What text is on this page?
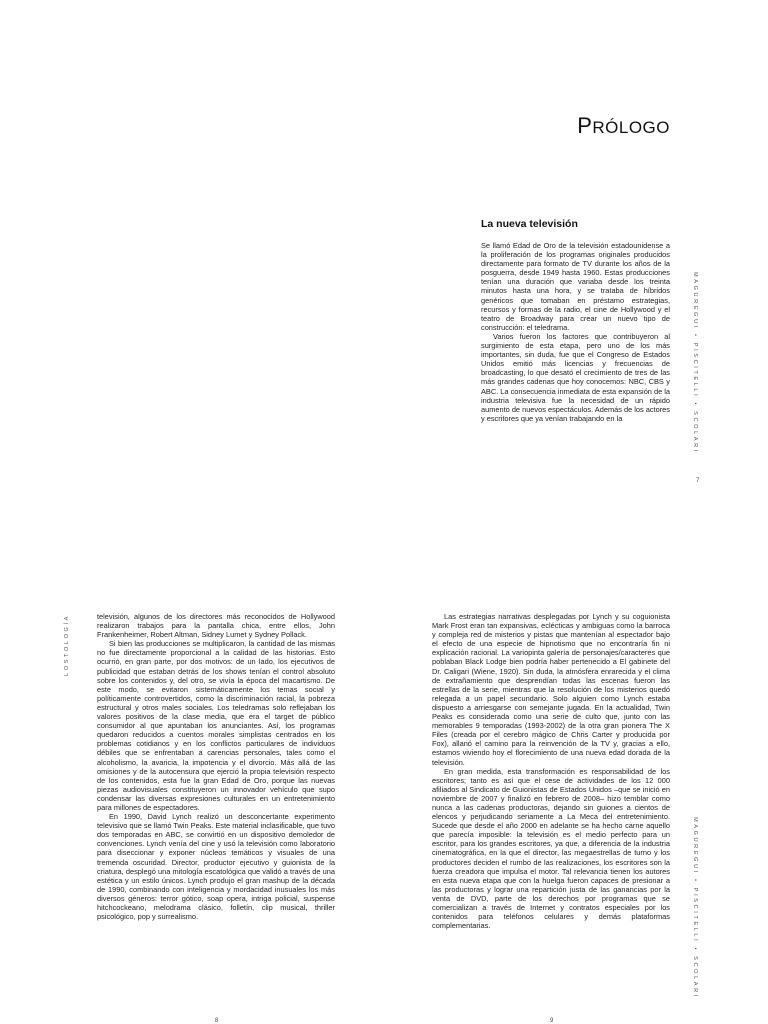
PRÓLOGO
La nueva televisión

Se llamó Edad de Oro de la televisión estadounidense a la proliferación de los programas originales producidos directamente para formato de TV durante los años de la posguerra, desde 1949 hasta 1960. Estas producciones tenían una duración que variaba desde los treinta minutos hasta una hora, y se trataba de híbridos genéricos que tomaban en préstamo estrategias, recursos y formas de la radio, el cine de Hollywood y el teatro de Broadway para crear un nuevo tipo de construcción: el teledrama.

Varios fueron los factores que contribuyeron al surgimiento de esta etapa, pero uno de los más importantes, sin duda, fue que el Congreso de Estados Unidos emitió más licencias y frecuencias de broadcasting, lo que desató el crecimiento de tres de las más grandes cadenas que hoy conocemos: NBC, CBS y ABC. La consecuencia inmediata de esta expansión de la industria televisiva fue la necesidad de un rápido aumento de nuevos espectáculos. Además de los actores y escritores que ya venían trabajando en la	MAGUREGUI • PISCITELLI • SCOLARI
7
LOSTOLOGÍA	televisión, algunos de los directores más reconocidos de Hollywood realizaron trabajos para la pantalla chica, entre ellos, John Frankenheimer, Robert Altman, Sidney Lumet y Sydney Pollack.

Si bien las producciones se multiplicaron, la cantidad de las mismas no fue directamente proporcional a la calidad de las historias. Esto ocurrió, en gran parte, por dos motivos: de un lado, los ejecutivos de publicidad que estaban detrás de los shows tenían el control absoluto sobre los contenidos y, del otro, se vivía la época del macartismo. De este modo, se evitaron sistemáticamente los temas social y políticamente controvertidos, como la discriminación racial, la pobreza estructural y otros males sociales. Los teledramas solo reflejaban los valores positivos de la clase media, que era el target de público consumidor al que apuntaban los anunciantes. Así, los programas quedaron reducidos a cuentos morales simplistas centrados en los problemas cotidianos y en los conflictos particulares de individuos débiles que se enfrentaban a carencias personales, tales como el alcoholismo, la avaricia, la impotencia y el divorcio. Más allá de las omisiones y de la autocensura que ejerció la propia televisión respecto de los contenidos, esta fue la gran Edad de Oro, porque las nuevas piezas audiovisuales constituyeron un innovador vehículo que supo condensar las diversas expresiones culturales en un entretenimiento para millones de espectadores.

En 1990, David Lynch realizó un desconcertante experimento televisivo que se llamó Twin Peaks. Este material inclasificable, que tuvo dos temporadas en ABC, se convirtió en un dispositivo demoledor de convenciones. Lynch venía del cine y usó la televisión como laboratorio para diseccionar y exponer núcleos temáticos y visuales de una tremenda oscuridad. Director, productor ejecutivo y guionista de la criatura, desplegó una mitología escatológica que validó a través de una estética y un estilo únicos. Lynch produjo el gran mashup de la década de 1990, combinando con inteligencia y mordacidad inusuales los más diversos géneros: terror gótico, soap opera, intriga policial, suspense hitchcockeano, melodrama clásico, folletín, clip musical, thriller psicológico, pop y surrealismo.

8

Las estrategias narrativas desplegadas por Lynch y su coguionista Mark Frost eran tan expansivas, eclécticas y ambiguas como la barroca y compleja red de misterios y pistas que mantenían al espectador bajo el efecto de una especie de hipnotismo que no encontraría fin ni explicación racional. La variopinta galería de personajes/caracteres que poblaban Black Lodge bien podría haber pertenecido a El gabinete del Dr. Caligari (Wiene, 1920). Sin duda, la atmósfera enrarecida y el clima de extrañamiento que desprendían todas las escenas fueron las estrellas de la serie, mientras que la resolución de los misterios quedó relegada a un papel secundario. Solo alguien como Lynch estaba dispuesto a arriesgarse con semejante jugada. En la actualidad, Twin Peaks es considerada como una serie de culto que, junto con las memorables 9 temporadas (1993-2002) de la otra gran pionera The X Files (creada por el cerebro mágico de Chris Carter y producida por Fox), allanó el camino para la reinvención de la TV y, gracias a ello, estamos viviendo hoy el florecimiento de una nueva edad dorada de la televisión.

En gran medida, esta transformación es responsabilidad de los escritores; tanto es así que el cese de actividades de los 12 000 afiliados al Sindicato de Guionistas de Estados Unidos –que se inició en noviembre de 2007 y finalizó en febrero de 2008– hizo temblar como nunca a las cadenas productoras, dejando sin guiones a cientos de elencos y perjudicando seriamente a La Meca del entretenimiento. Sucede que desde el año 2000 en adelante se ha hecho carne aquello que parecía imposible: la televisión es el medio perfecto para un escritor, para los grandes escritores, ya que, a diferencia de la industria cinematográfica, en la que el director, las megaestrellas de turno y los productores deciden el rumbo de las realizaciones, los escritores son la fuerza creadora que impulsa el motor. Tal relevancia tienen los autores en esta nueva etapa que con la huelga fueron capaces de presionar a las productoras y lograr una repartición justa de las ganancias por la venta de DVD, parte de los derechos por programas que se comercializan a través de Internet y contratos especiales por los contenidos para teléfonos celulares y demás plataformas complementarias.	MAGUREGUI • PISCITELLI • SCOLARI
9
